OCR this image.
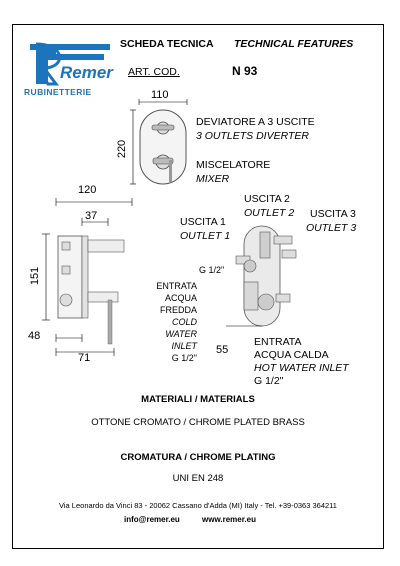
Remer
RUBINETTERIE
SCHEDA TECNICA TECHNICAL FEATURES
ART. COD.	N 93
110
220
DEVIATORE A 3 USCITE
3 OUTLETS DIVERTER
MISCELATORE
MIXER
120
37
151
48
71
USCITA 2
OUTLET 2 USCITA 3
OUTLET 3
USCITA 1
OUTLET 1
G 1/2"
ENTRATA
ACQUA
FREDDA
COLD
WATER
INLET
G 1/2"
55
ENTRATA
ACQUA CALDA
HOT WATER INLET
G 1/2"
MATERIALI / MATERIALS
OTTONE CROMATO / CHROME PLATED BRASS
CROMATURA / CHROME PLATING
UNI EN 248
Via Leonardo da Vinci 83 - 20062 Cassano d'Adda (MI) Italy - Tel. +39-0363 364211
info@remer.eu	www.remer.eu
